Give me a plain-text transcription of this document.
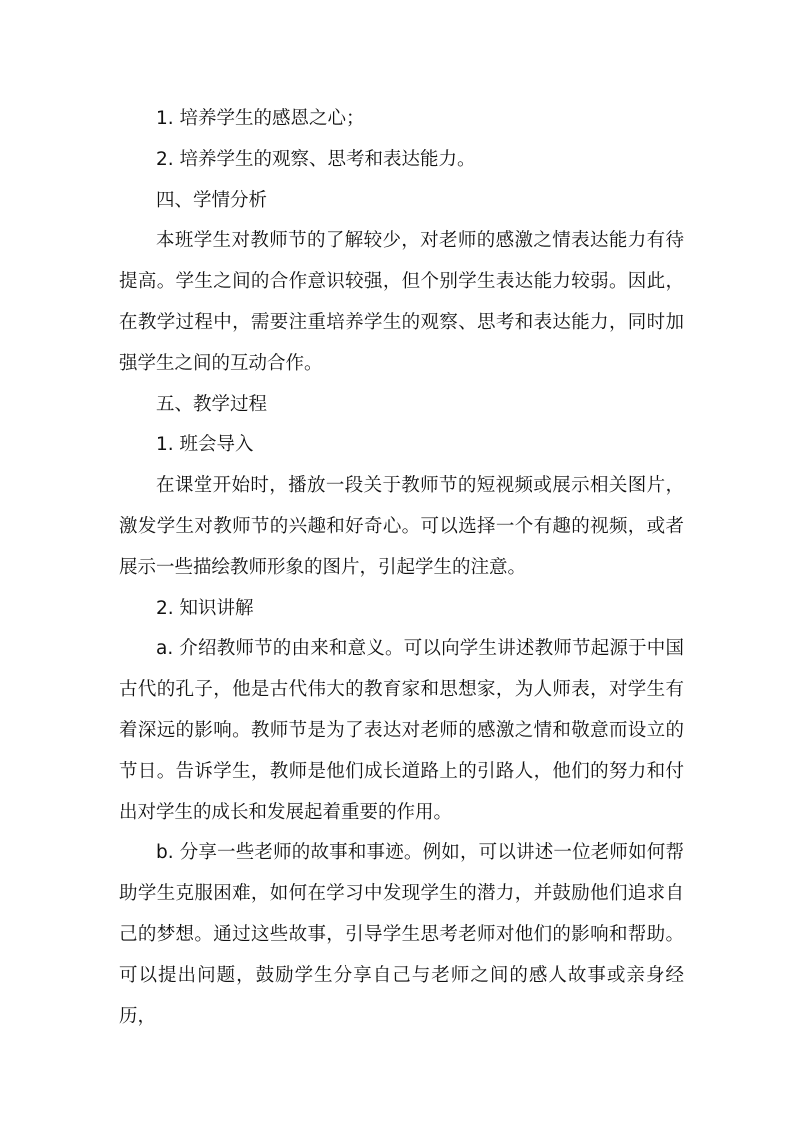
1. 培养学生的感恩之心；

2. 培养学生的观察、思考和表达能力。

四、学情分析

本班学生对教师节的了解较少，对老师的感激之情表达能力有待提高。学生之间的合作意识较强，但个别学生表达能力较弱。因此，在教学过程中，需要注重培养学生的观察、思考和表达能力，同时加强学生之间的互动合作。

五、教学过程

1. 班会导入

在课堂开始时，播放一段关于教师节的短视频或展示相关图片，激发学生对教师节的兴趣和好奇心。可以选择一个有趣的视频，或者展示一些描绘教师形象的图片，引起学生的注意。

2. 知识讲解

a. 介绍教师节的由来和意义。可以向学生讲述教师节起源于中国古代的孔子，他是古代伟大的教育家和思想家，为人师表，对学生有着深远的影响。教师节是为了表达对老师的感激之情和敬意而设立的节日。告诉学生，教师是他们成长道路上的引路人，他们的努力和付出对学生的成长和发展起着重要的作用。

b. 分享一些老师的故事和事迹。例如，可以讲述一位老师如何帮助学生克服困难，如何在学习中发现学生的潜力，并鼓励他们追求自己的梦想。通过这些故事，引导学生思考老师对他们的影响和帮助。可以提出问题，鼓励学生分享自己与老师之间的感人故事或亲身经历，
